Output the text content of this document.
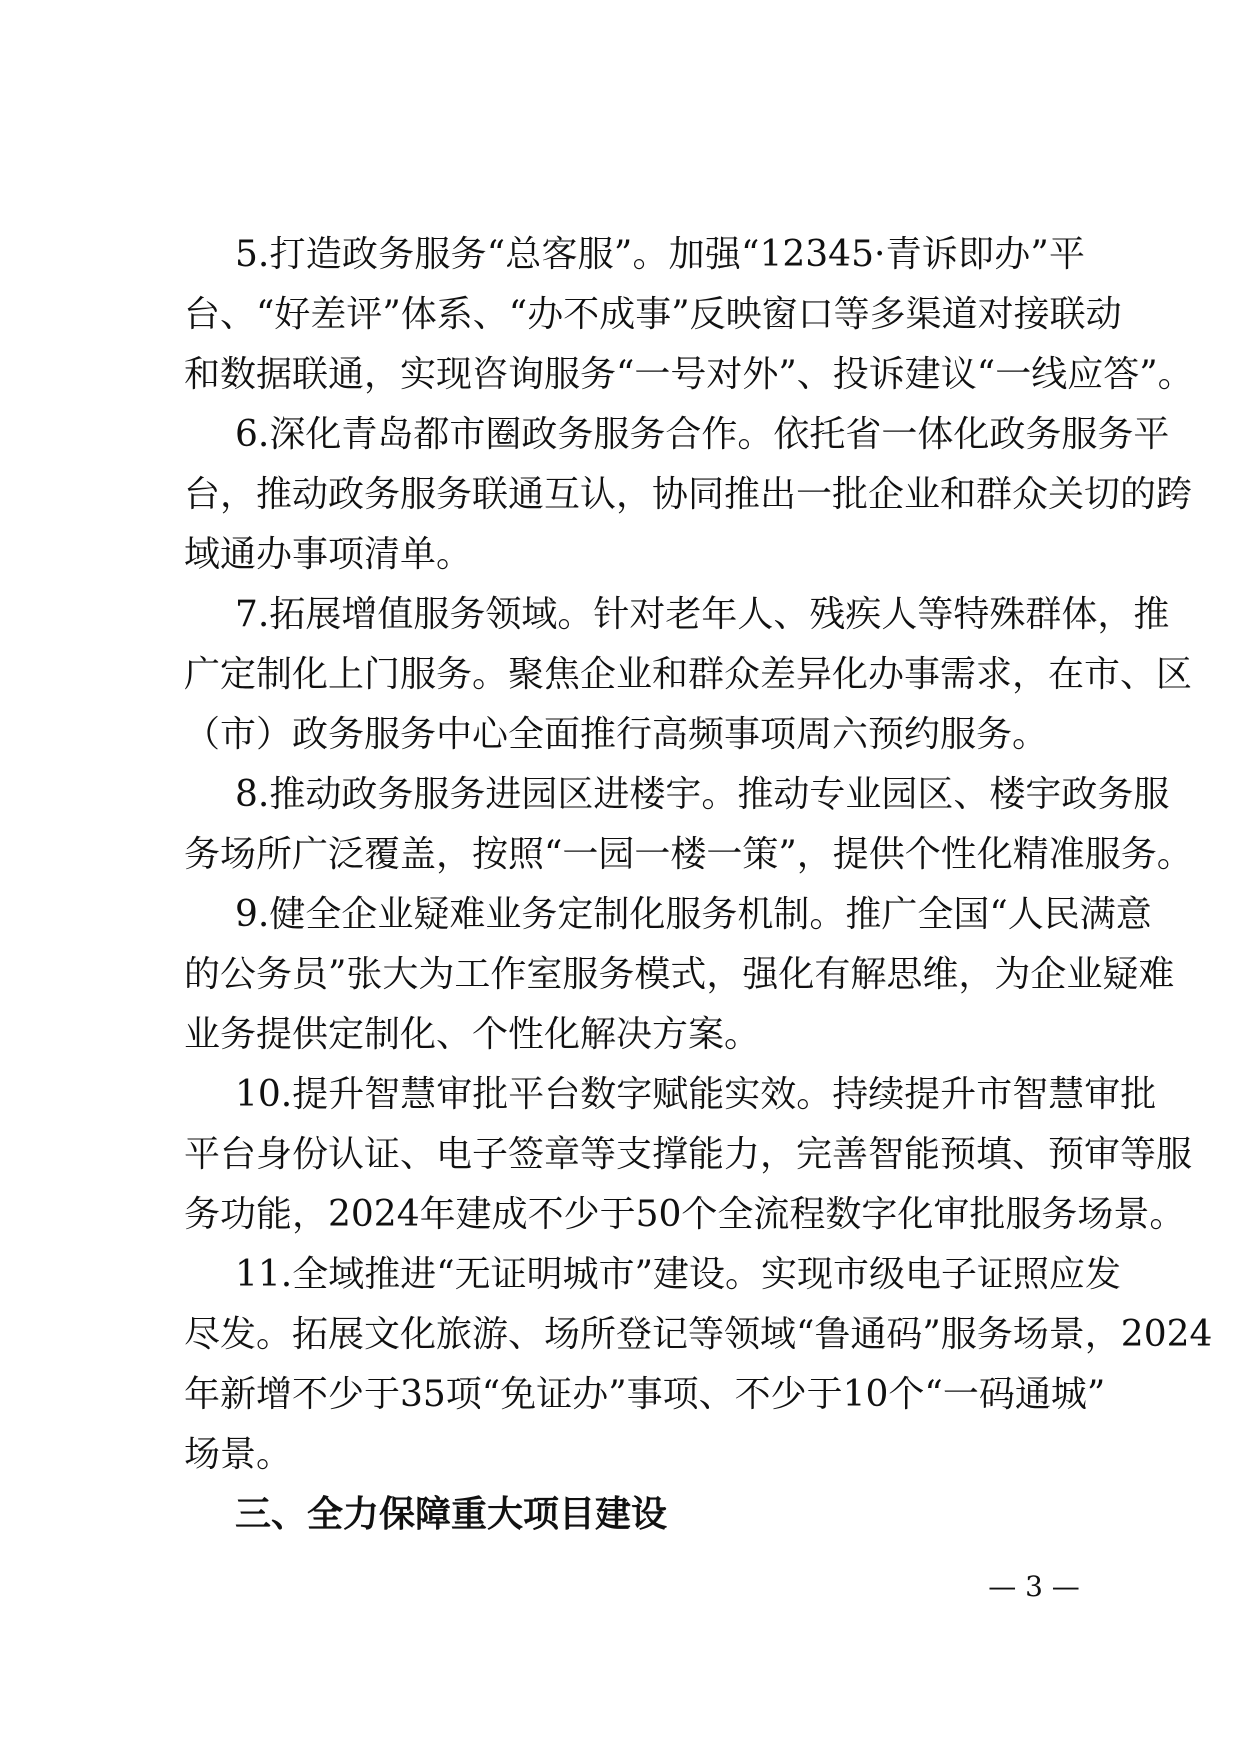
5.打造政务服务“总客服”。加强“12345·青诉即办”平
台、“好差评”体系、“办不成事”反映窗口等多渠道对接联动
和数据联通，实现咨询服务“一号对外”、投诉建议“一线应答”。
6.深化青岛都市圈政务服务合作。依托省一体化政务服务平
台，推动政务服务联通互认，协同推出一批企业和群众关切的跨
域通办事项清单。
7.拓展增值服务领域。针对老年人、残疾人等特殊群体，推
广定制化上门服务。聚焦企业和群众差异化办事需求，在市、区
（市）政务服务中心全面推行高频事项周六预约服务。
8.推动政务服务进园区进楼宇。推动专业园区、楼宇政务服
务场所广泛覆盖，按照“一园一楼一策”，提供个性化精准服务。
9.健全企业疑难业务定制化服务机制。推广全国“人民满意
的公务员”张大为工作室服务模式，强化有解思维，为企业疑难
业务提供定制化、个性化解决方案。
10.提升智慧审批平台数字赋能实效。持续提升市智慧审批
平台身份认证、电子签章等支撑能力，完善智能预填、预审等服
务功能，2024年建成不少于50个全流程数字化审批服务场景。
11.全域推进“无证明城市”建设。实现市级电子证照应发
尽发。拓展文化旅游、场所登记等领域“鲁通码”服务场景，2024
年新增不少于35项“免证办”事项、不少于10个“一码通城”
场景。
三、全力保障重大项目建设
— 3 —
